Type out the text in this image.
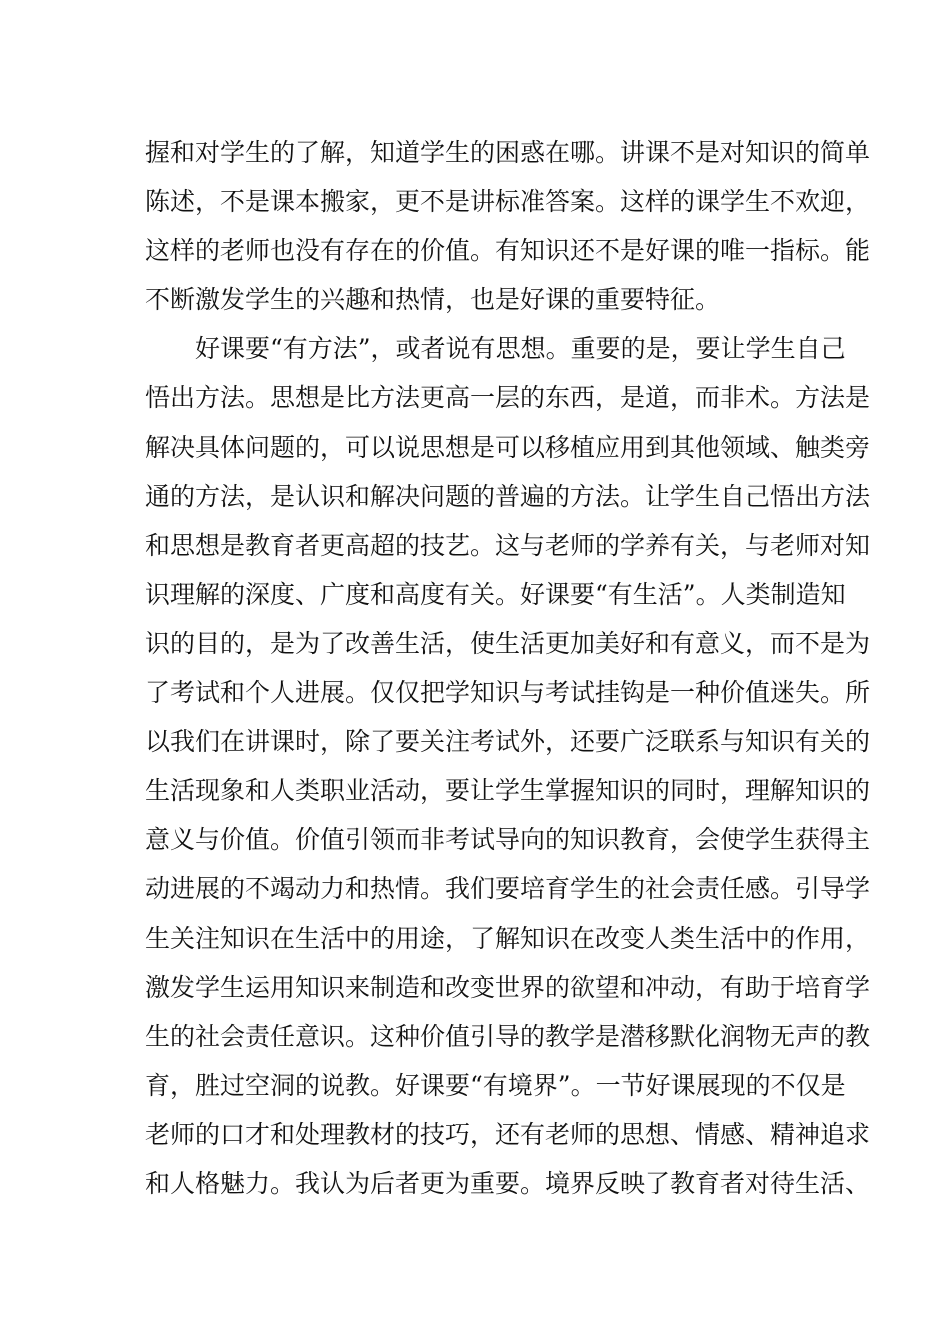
握和对学生的了解，知道学生的困惑在哪。讲课不是对知识的简单
陈述，不是课本搬家，更不是讲标准答案。这样的课学生不欢迎，
这样的老师也没有存在的价值。有知识还不是好课的唯一指标。能
不断激发学生的兴趣和热情，也是好课的重要特征。
好课要“有方法”，或者说有思想。重要的是，要让学生自己
悟出方法。思想是比方法更高一层的东西，是道，而非术。方法是
解决具体问题的，可以说思想是可以移植应用到其他领域、触类旁
通的方法，是认识和解决问题的普遍的方法。让学生自己悟出方法
和思想是教育者更高超的技艺。这与老师的学养有关，与老师对知
识理解的深度、广度和高度有关。好课要“有生活”。人类制造知
识的目的，是为了改善生活，使生活更加美好和有意义，而不是为
了考试和个人进展。仅仅把学知识与考试挂钩是一种价值迷失。所
以我们在讲课时，除了要关注考试外，还要广泛联系与知识有关的
生活现象和人类职业活动，要让学生掌握知识的同时，理解知识的
意义与价值。价值引领而非考试导向的知识教育，会使学生获得主
动进展的不竭动力和热情。我们要培育学生的社会责任感。引导学
生关注知识在生活中的用途，了解知识在改变人类生活中的作用，
激发学生运用知识来制造和改变世界的欲望和冲动，有助于培育学
生的社会责任意识。这种价值引导的教学是潜移默化润物无声的教
育，胜过空洞的说教。好课要“有境界”。一节好课展现的不仅是
老师的口才和处理教材的技巧，还有老师的思想、情感、精神追求
和人格魅力。我认为后者更为重要。境界反映了教育者对待生活、
